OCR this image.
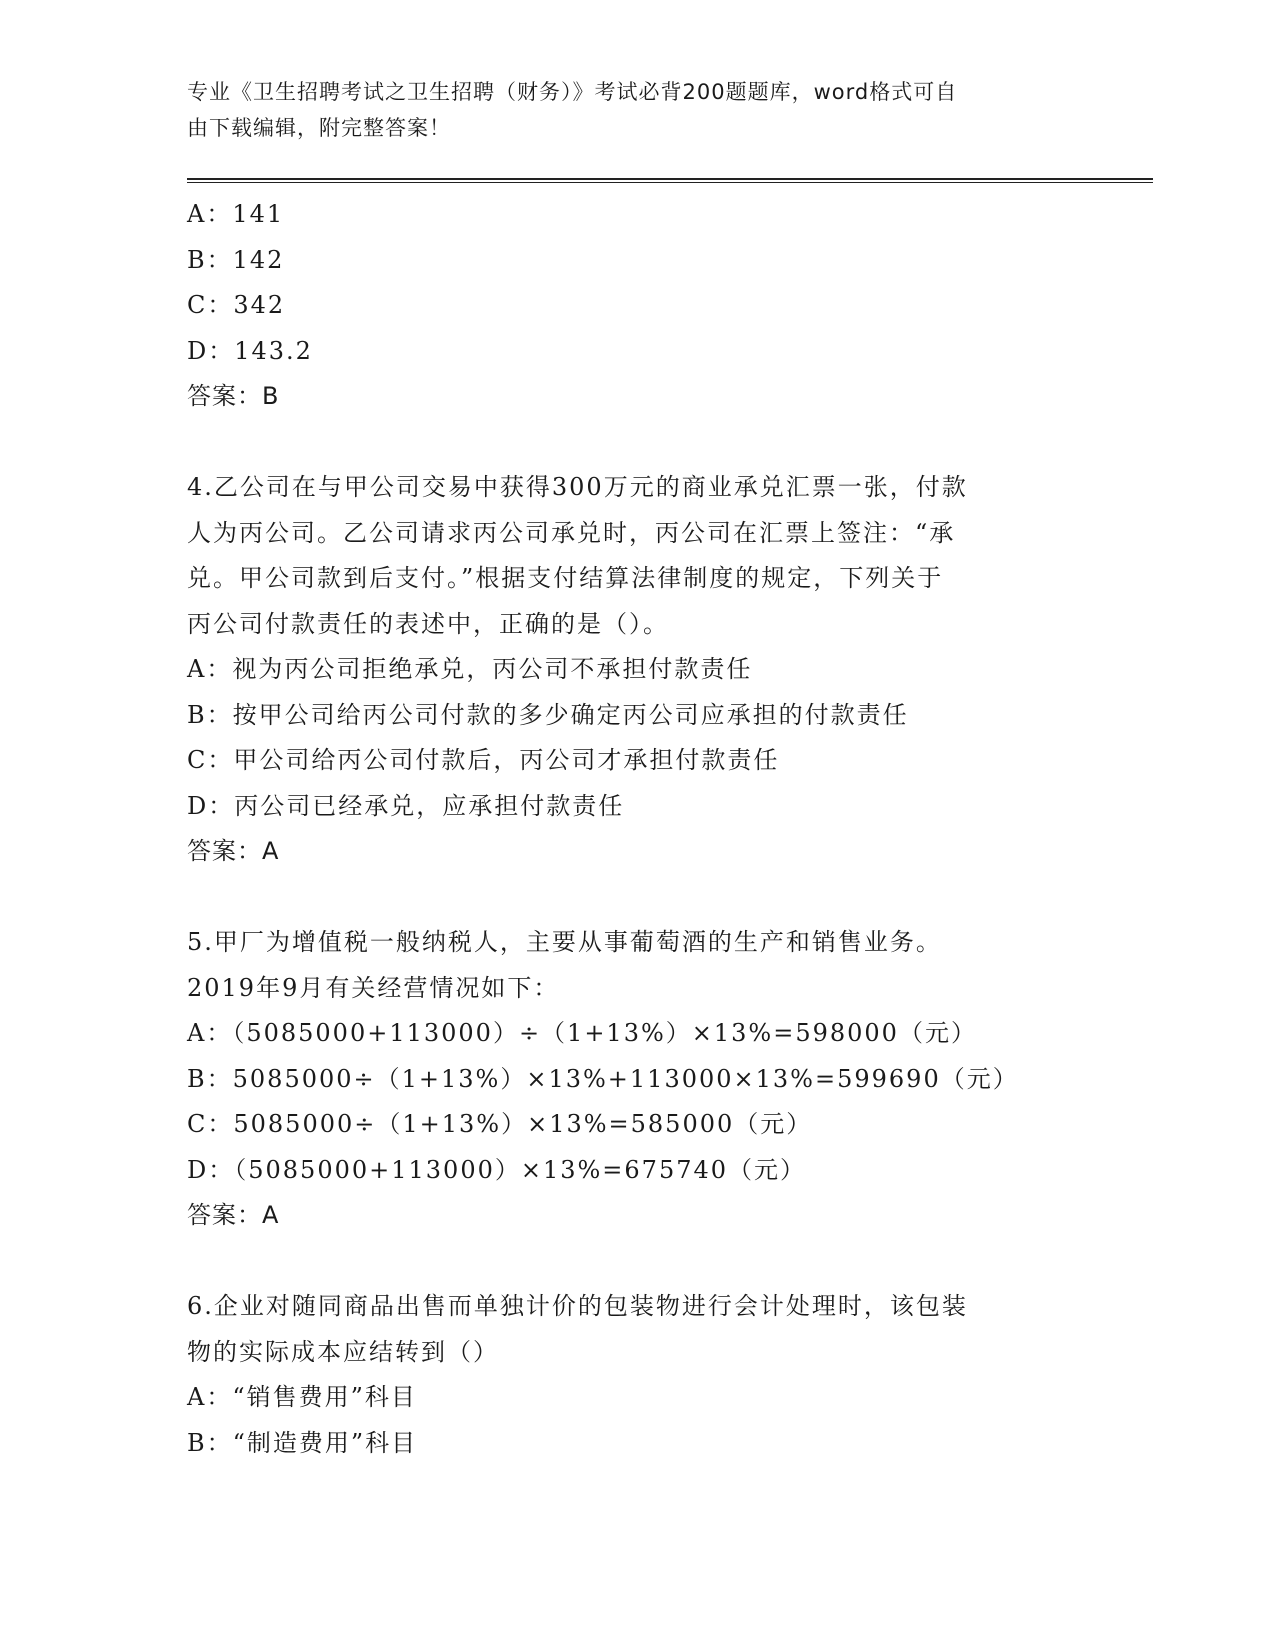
专业《卫生招聘考试之卫生招聘（财务）》考试必背200题题库，word格式可自

由下载编辑，附完整答案！

A：141

B：142

C：342

D：143.2

答案：B

4.乙公司在与甲公司交易中获得300万元的商业承兑汇票一张，付款

人为丙公司。乙公司请求丙公司承兑时，丙公司在汇票上签注：“承

兑。甲公司款到后支付。”根据支付结算法律制度的规定，下列关于

丙公司付款责任的表述中，正确的是（）。

A：视为丙公司拒绝承兑，丙公司不承担付款责任

B：按甲公司给丙公司付款的多少确定丙公司应承担的付款责任

C：甲公司给丙公司付款后，丙公司才承担付款责任

D：丙公司已经承兑，应承担付款责任

答案：A

5.甲厂为增值税一般纳税人，主要从事葡萄酒的生产和销售业务。

2019年9月有关经营情况如下：

A：（5085000+113000）÷（1+13%）×13%=598000（元）

B：5085000÷（1+13%）×13%+113000×13%=599690（元）

C：5085000÷（1+13%）×13%=585000（元）

D：（5085000+113000）×13%=675740（元）

答案：A

6.企业对随同商品出售而单独计价的包装物进行会计处理时，该包装

物的实际成本应结转到（）

A：“销售费用”科目

B：“制造费用”科目
